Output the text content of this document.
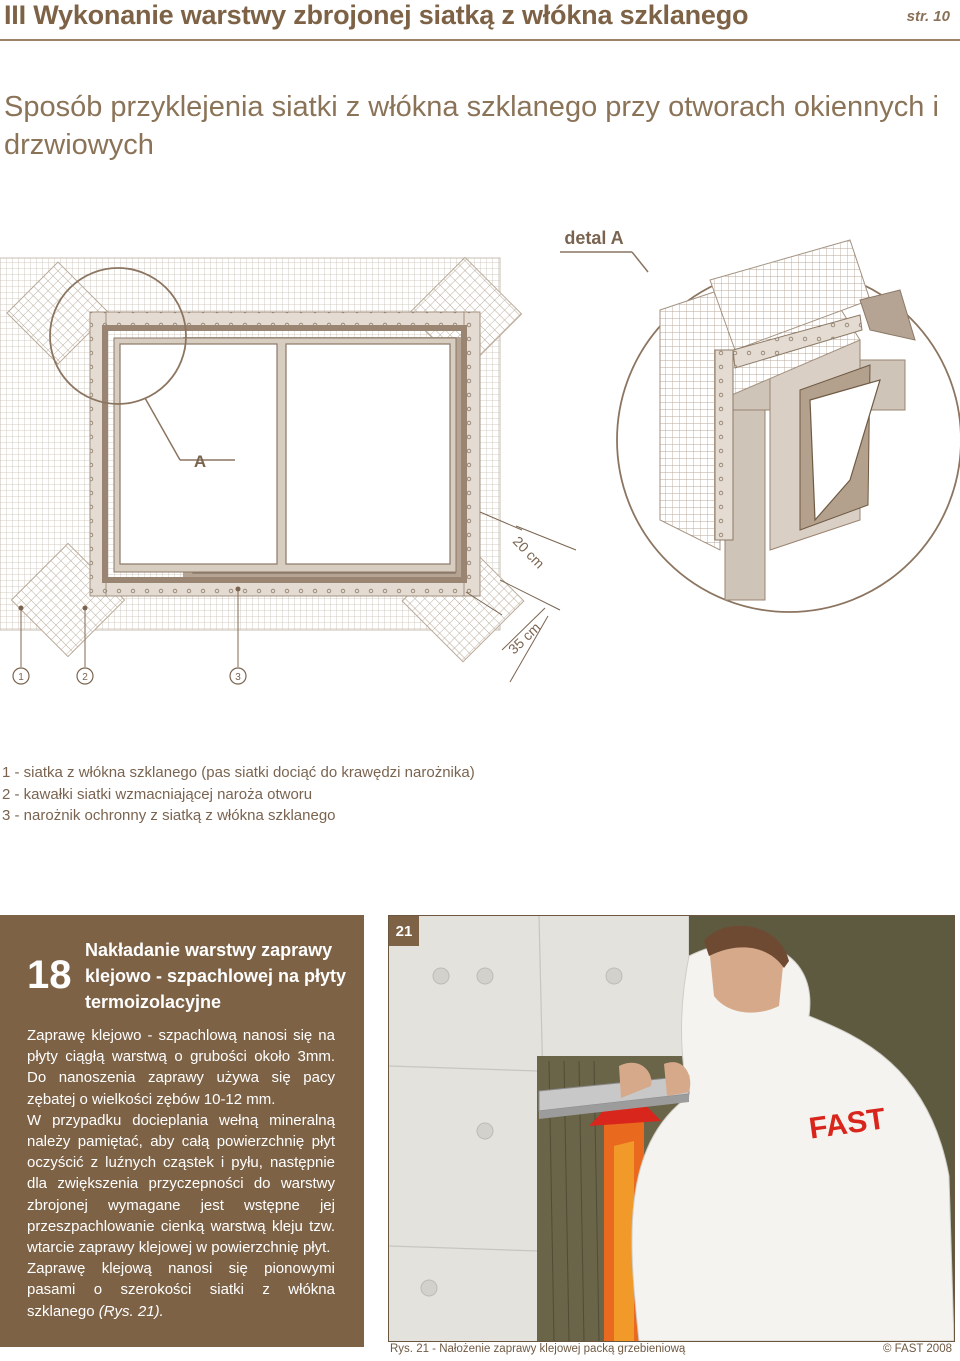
III Wykonanie warstwy zbrojonej siatką z włókna szklanego	str. 10
Sposób przyklejenia siatki z włókna szklanego przy otworach okiennych i drzwiowych
A
20 cm
35 cm
1	2	3
detal A
1 - siatka z włókna szklanego (pas siatki dociąć do krawędzi narożnika)
2 - kawałki siatki wzmacniającej naroża otworu
3 - narożnik ochronny z siatką z włókna szklanego
18
Nakładanie warstwy zaprawy klejowo - szpachlowej na płyty termoizolacyjne

Zaprawę klejowo - szpachlową nanosi się na płyty ciągłą warstwą o grubości około 3mm. Do nanoszenia zaprawy używa się pacy zębatej o wielkości zębów 10-12 mm.

W przypadku docieplania wełną mineralną należy pamiętać, aby całą powierzchnię płyt oczyścić z luźnych cząstek i pyłu, następnie dla zwiększenia przyczepności do warstwy zbrojonej wymagane jest wstępne jej przeszpachlowanie cienką warstwą kleju tzw. wtarcie zaprawy klejowej w powierzchnię płyt.

Zaprawę klejową nanosi się pionowymi pasami o szerokości siatki z włókna szklanego (Rys. 21).

FAST
21
Rys. 21 - Nałożenie zaprawy klejowej packą grzebieniową	© FAST 2008
